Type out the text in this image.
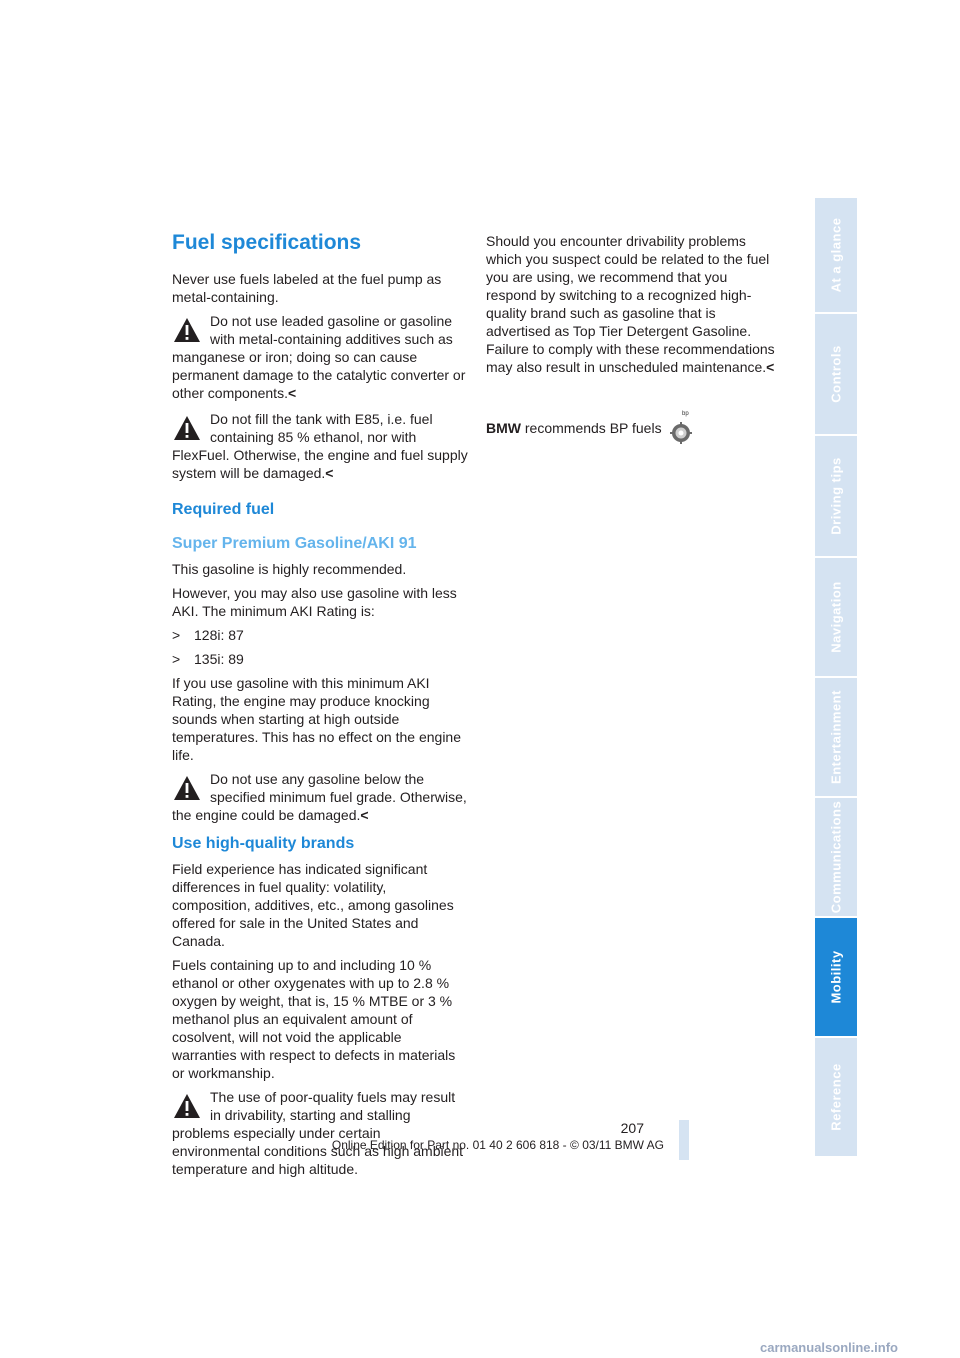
Fuel specifications

Never use fuels labeled at the fuel pump as metal-containing.

Do not use leaded gasoline or gasoline with metal-containing additives such as manganese or iron; doing so can cause permanent damage to the catalytic converter or other components.<
Do not fill the tank with E85, i.e. fuel containing 85 % ethanol, nor with FlexFuel. Otherwise, the engine and fuel supply system will be damaged.<
Required fuel
Super Premium Gasoline/AKI 91

This gasoline is highly recommended.

However, you may also use gasoline with less AKI. The minimum AKI Rating is:

> 128i: 87
> 135i: 89

If you use gasoline with this minimum AKI Rating, the engine may produce knocking sounds when starting at high outside temperatures. This has no effect on the engine life.

Do not use any gasoline below the specified minimum fuel grade. Otherwise, the engine could be damaged.<
Use high-quality brands

Field experience has indicated significant differences in fuel quality: volatility, composition, additives, etc., among gasolines offered for sale in the United States and Canada.

Fuels containing up to and including 10 % ethanol or other oxygenates with up to 2.8 % oxygen by weight, that is, 15 % MTBE or 3 % methanol plus an equivalent amount of cosolvent, will not void the applicable warranties with respect to defects in materials or workmanship.

The use of poor-quality fuels may result in drivability, starting and stalling problems especially under certain environmental conditions such as high ambient temperature and high altitude.

Should you encounter drivability problems which you suspect could be related to the fuel you are using, we recommend that you respond by switching to a recognized high-quality brand such as gasoline that is advertised as Top Tier Detergent Gasoline.

Failure to comply with these recommendations may also result in unscheduled maintenance.<

BMW recommends BP fuels
bp
At a glance
Controls
Driving tips
Navigation
Entertainment
Communications
Mobility
Reference
207
Online Edition for Part no. 01 40 2 606 818 - © 03/11 BMW AG
carmanualsonline.info
